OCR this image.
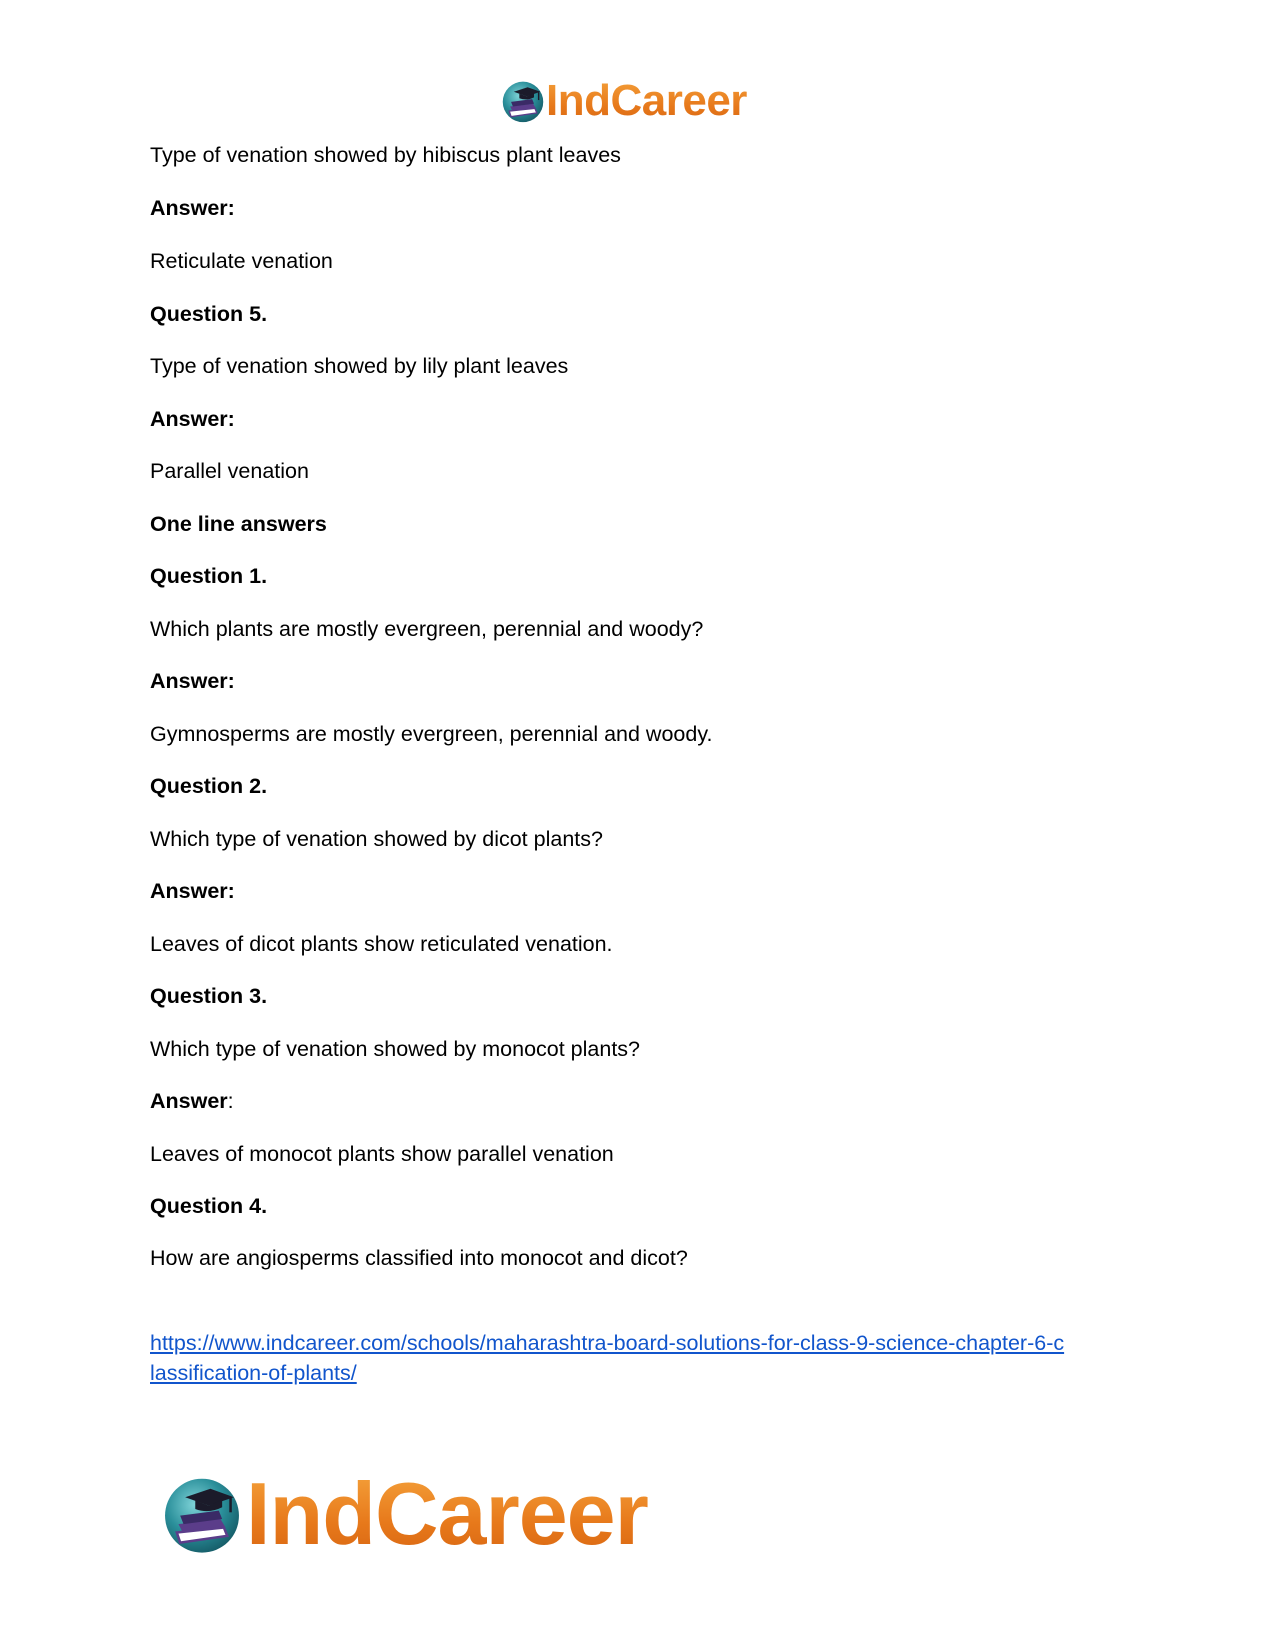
IndCareer
Type of venation showed by hibiscus plant leaves
Answer:
Reticulate venation
Question 5.
Type of venation showed by lily plant leaves
Answer:
Parallel venation
One line answers
Question 1.
Which plants are mostly evergreen, perennial and woody?
Answer:
Gymnosperms are mostly evergreen, perennial and woody.
Question 2.
Which type of venation showed by dicot plants?
Answer:
Leaves of dicot plants show reticulated venation.
Question 3.
Which type of venation showed by monocot plants?
Answer:
Leaves of monocot plants show parallel venation
Question 4.
How are angiosperms classified into monocot and dicot?
https://www.indcareer.com/schools/maharashtra-board-solutions-for-class-9-science-chapter-6-c
lassification-of-plants/
IndCareer
